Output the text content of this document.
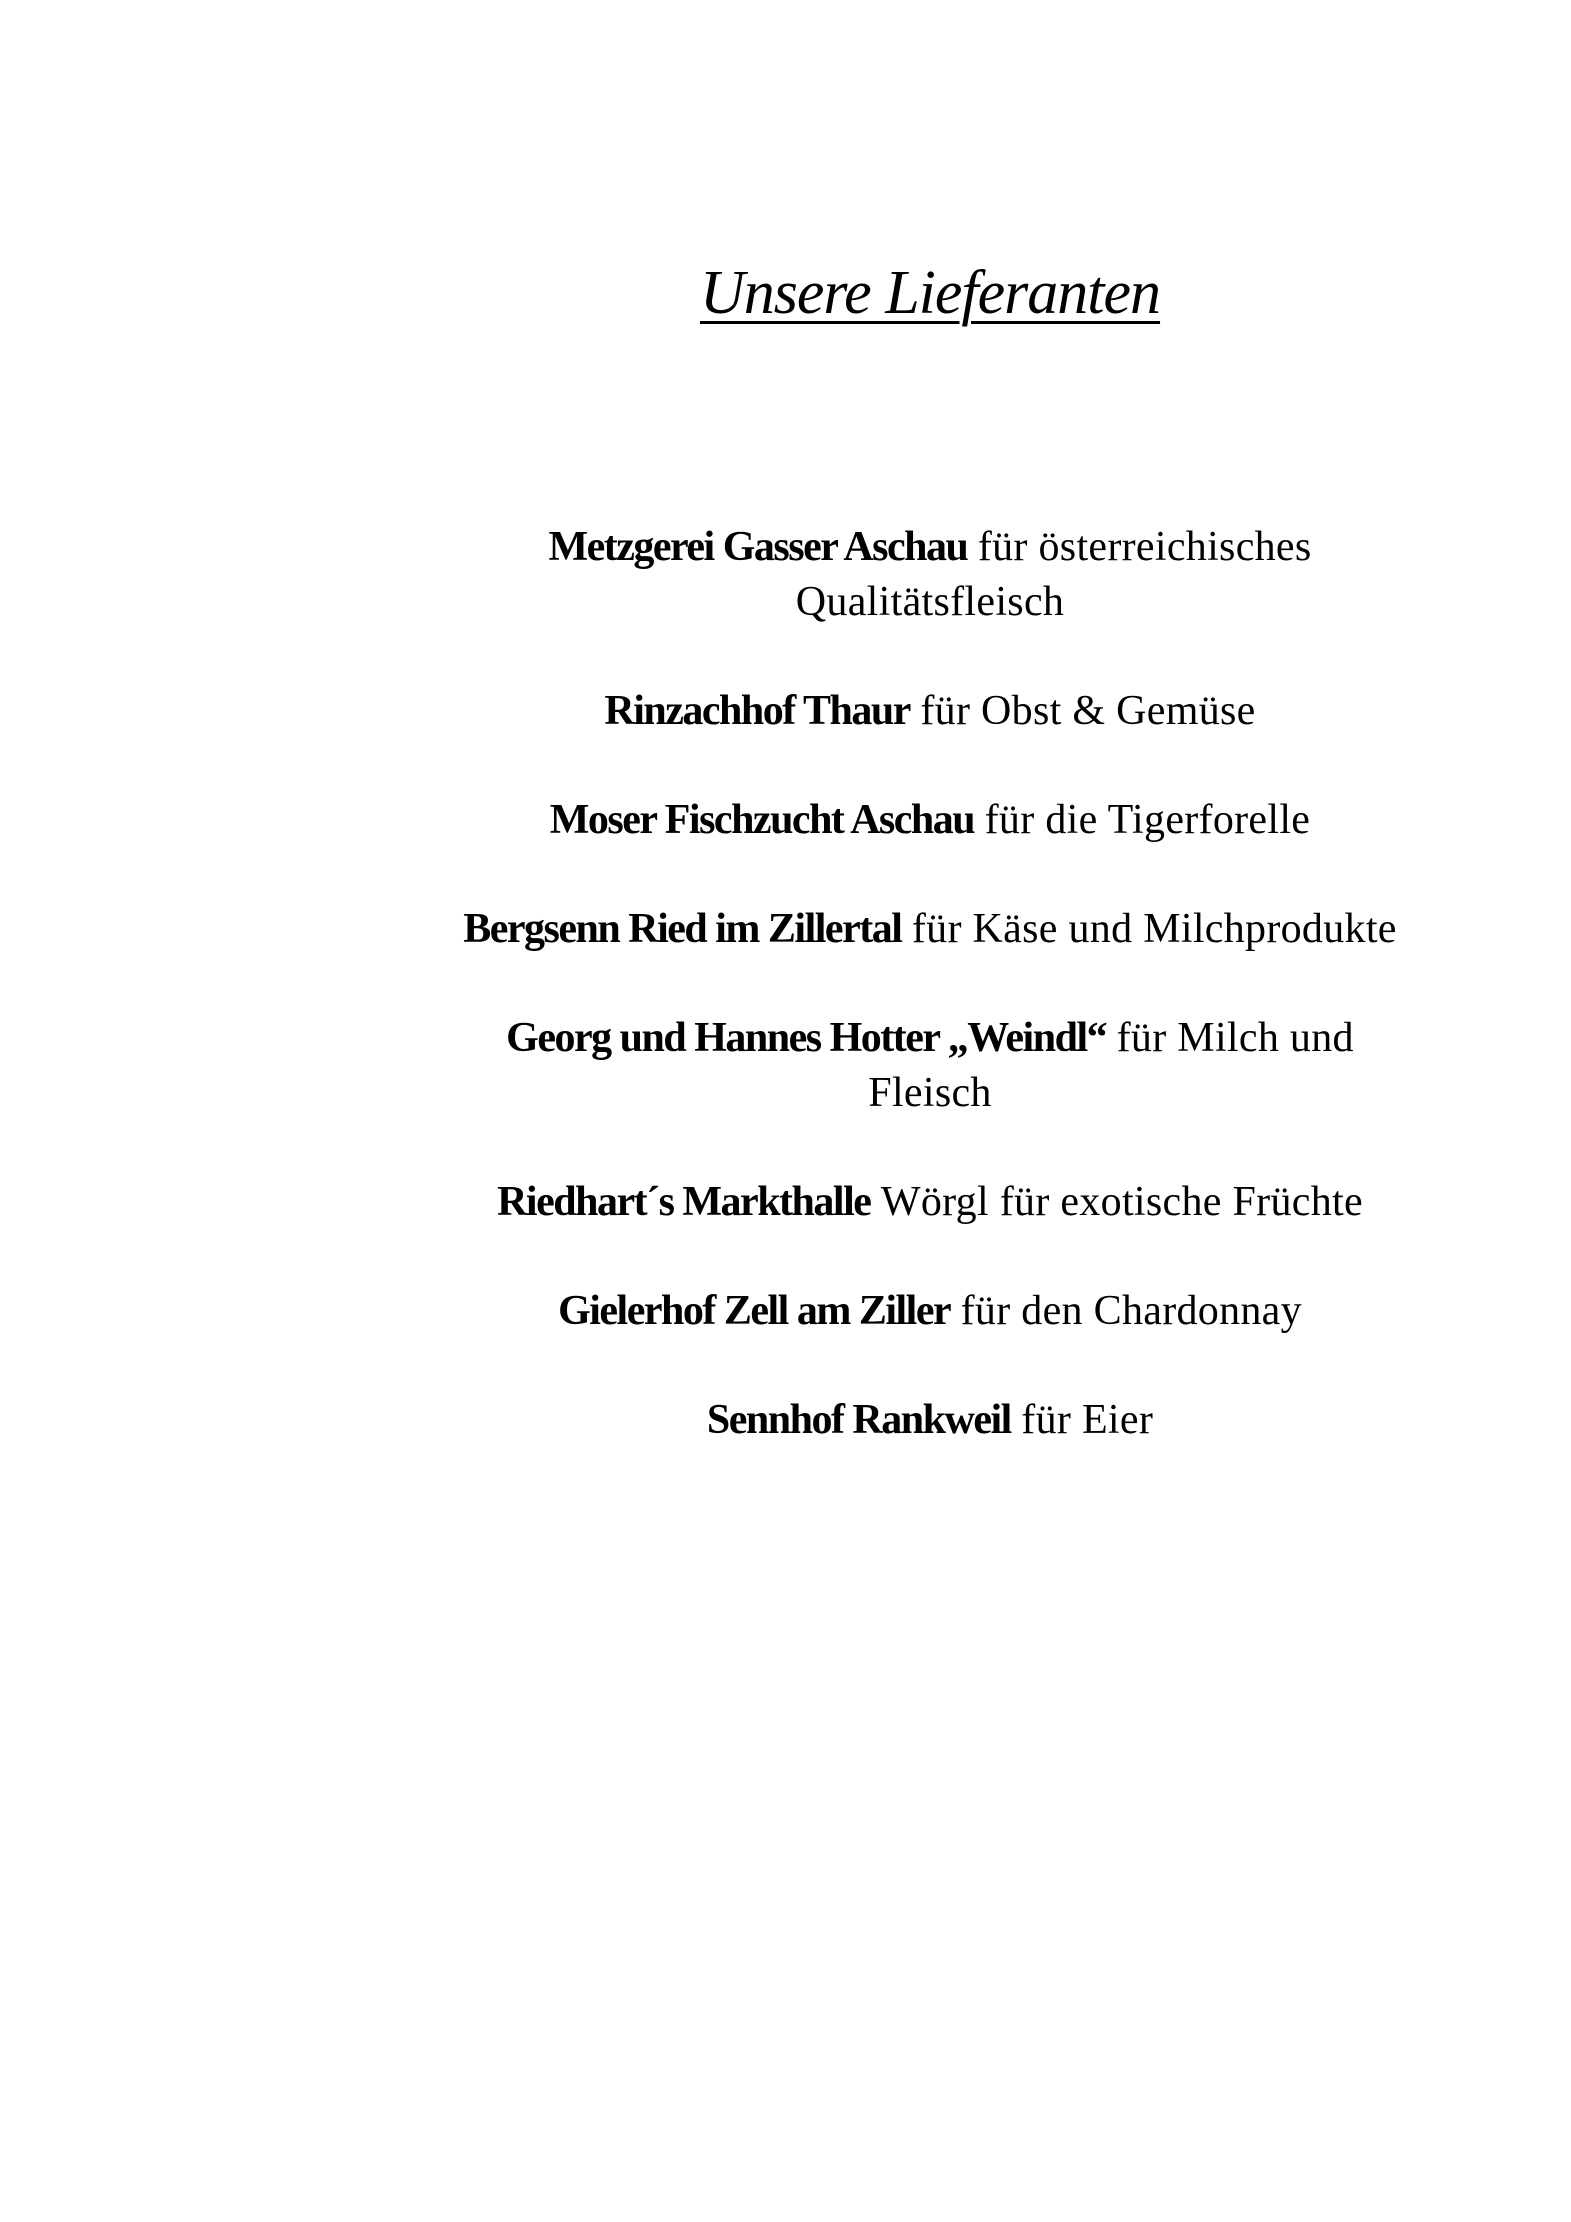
Unsere Lieferanten
Metzgerei Gasser Aschau für österreichisches
Qualitätsfleisch
Rinzachhof Thaur für Obst & Gemüse
Moser Fischzucht Aschau für die Tigerforelle
Bergsenn Ried im Zillertal für Käse und Milchprodukte
Georg und Hannes Hotter „Weindl“ für Milch und
Fleisch
Riedhart´s Markthalle Wörgl für exotische Früchte
Gielerhof Zell am Ziller für den Chardonnay
Sennhof Rankweil für Eier
